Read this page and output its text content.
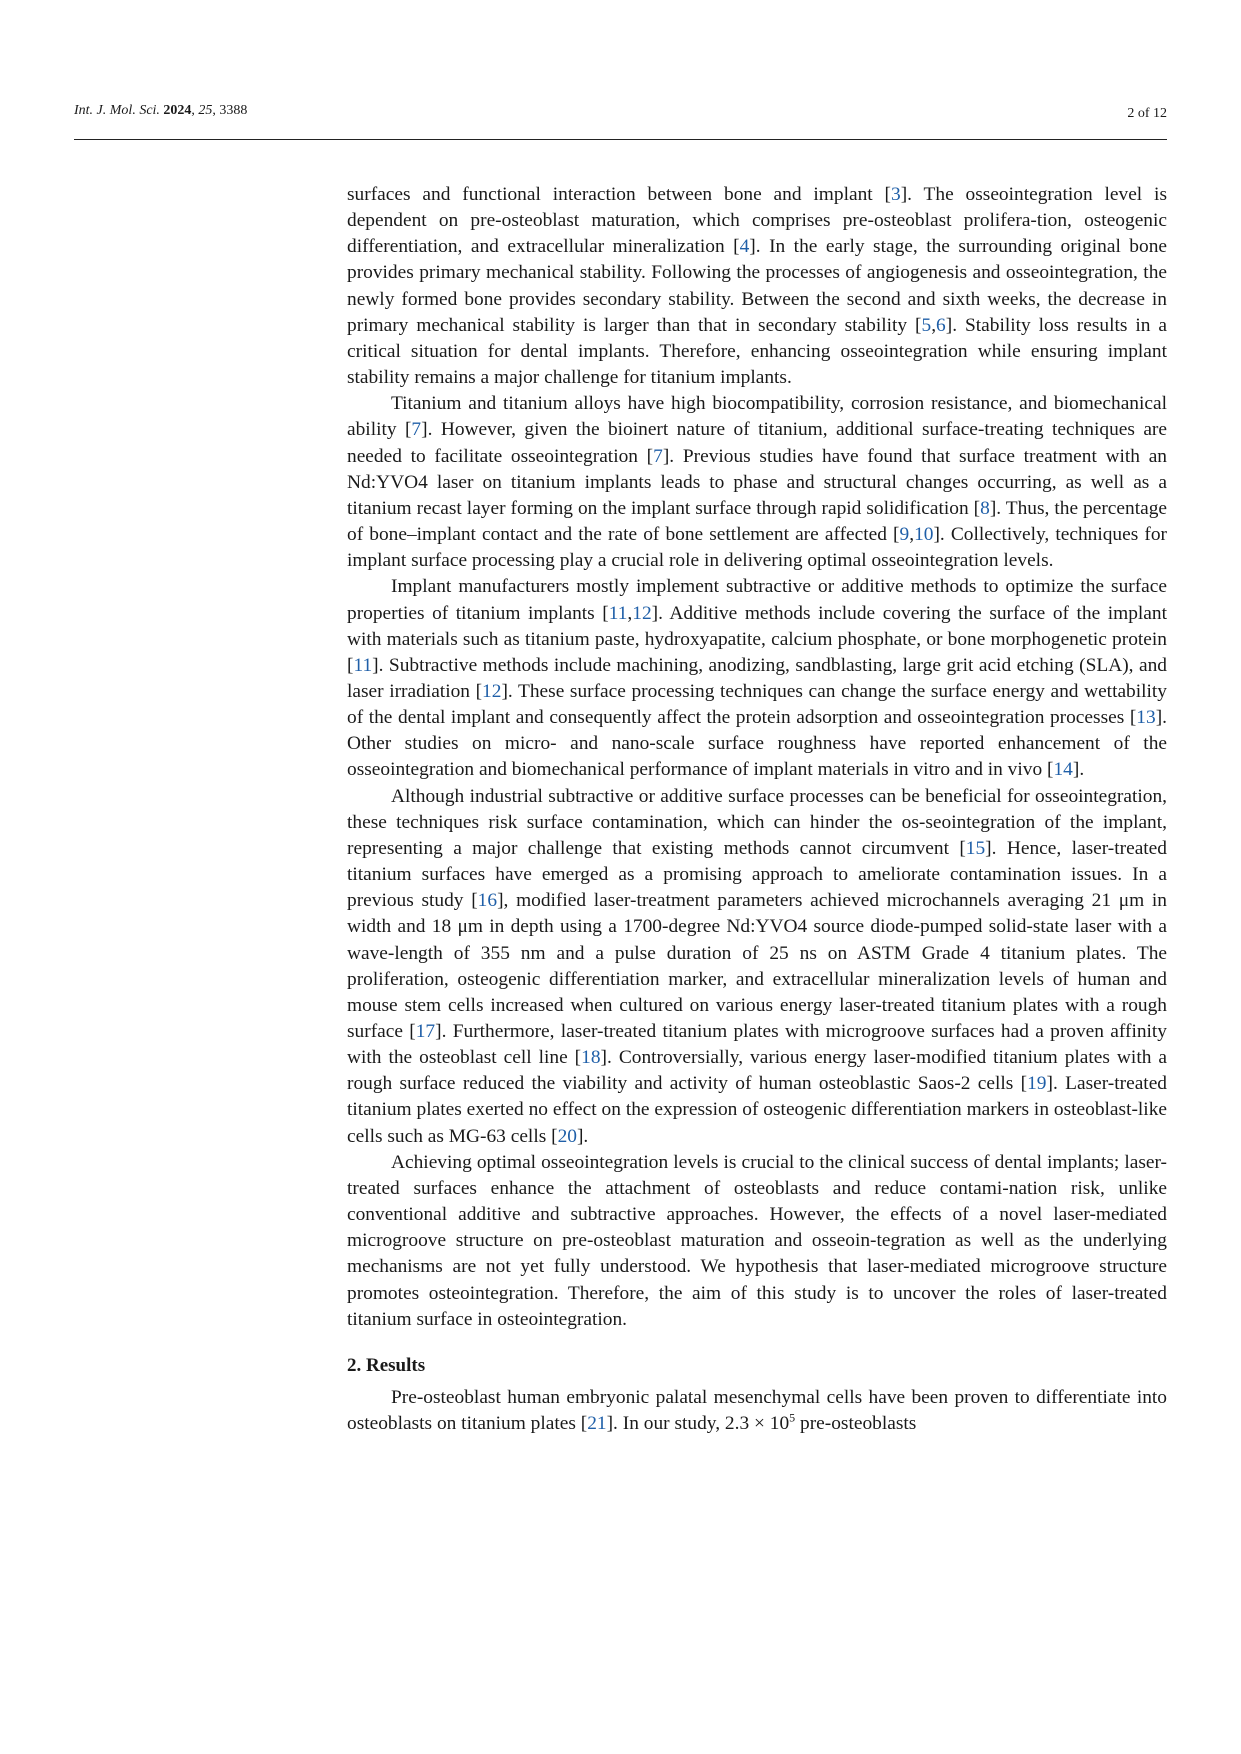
Int. J. Mol. Sci. 2024, 25, 3388	2 of 12

surfaces and functional interaction between bone and implant [3]. The osseointegration level is dependent on pre-osteoblast maturation, which comprises pre-osteoblast prolifera-tion, osteogenic differentiation, and extracellular mineralization [4]. In the early stage, the surrounding original bone provides primary mechanical stability. Following the processes of angiogenesis and osseointegration, the newly formed bone provides secondary stability. Between the second and sixth weeks, the decrease in primary mechanical stability is larger than that in secondary stability [5,6]. Stability loss results in a critical situation for dental implants. Therefore, enhancing osseointegration while ensuring implant stability remains a major challenge for titanium implants.

Titanium and titanium alloys have high biocompatibility, corrosion resistance, and biomechanical ability [7]. However, given the bioinert nature of titanium, additional surface-treating techniques are needed to facilitate osseointegration [7]. Previous studies have found that surface treatment with an Nd:YVO4 laser on titanium implants leads to phase and structural changes occurring, as well as a titanium recast layer forming on the implant surface through rapid solidification [8]. Thus, the percentage of bone–implant contact and the rate of bone settlement are affected [9,10]. Collectively, techniques for implant surface processing play a crucial role in delivering optimal osseointegration levels.

Implant manufacturers mostly implement subtractive or additive methods to optimize the surface properties of titanium implants [11,12]. Additive methods include covering the surface of the implant with materials such as titanium paste, hydroxyapatite, calcium phosphate, or bone morphogenetic protein [11]. Subtractive methods include machining, anodizing, sandblasting, large grit acid etching (SLA), and laser irradiation [12]. These surface processing techniques can change the surface energy and wettability of the dental implant and consequently affect the protein adsorption and osseointegration processes [13]. Other studies on micro- and nano-scale surface roughness have reported enhancement of the osseointegration and biomechanical performance of implant materials in vitro and in vivo [14].

Although industrial subtractive or additive surface processes can be beneficial for osseointegration, these techniques risk surface contamination, which can hinder the os-seointegration of the implant, representing a major challenge that existing methods cannot circumvent [15]. Hence, laser-treated titanium surfaces have emerged as a promising approach to ameliorate contamination issues. In a previous study [16], modified laser-treatment parameters achieved microchannels averaging 21 μm in width and 18 μm in depth using a 1700-degree Nd:YVO4 source diode-pumped solid-state laser with a wave-length of 355 nm and a pulse duration of 25 ns on ASTM Grade 4 titanium plates. The proliferation, osteogenic differentiation marker, and extracellular mineralization levels of human and mouse stem cells increased when cultured on various energy laser-treated titanium plates with a rough surface [17]. Furthermore, laser-treated titanium plates with microgroove surfaces had a proven affinity with the osteoblast cell line [18]. Controversially, various energy laser-modified titanium plates with a rough surface reduced the viability and activity of human osteoblastic Saos-2 cells [19]. Laser-treated titanium plates exerted no effect on the expression of osteogenic differentiation markers in osteoblast-like cells such as MG-63 cells [20].

Achieving optimal osseointegration levels is crucial to the clinical success of dental implants; laser-treated surfaces enhance the attachment of osteoblasts and reduce contami-nation risk, unlike conventional additive and subtractive approaches. However, the effects of a novel laser-mediated microgroove structure on pre-osteoblast maturation and osseoin-tegration as well as the underlying mechanisms are not yet fully understood. We hypothesis that laser-mediated microgroove structure promotes osteointegration. Therefore, the aim of this study is to uncover the roles of laser-treated titanium surface in osteointegration.

2. Results

Pre-osteoblast human embryonic palatal mesenchymal cells have been proven to differentiate into osteoblasts on titanium plates [21]. In our study, $2.3 \times 10^5$ pre-osteoblasts
